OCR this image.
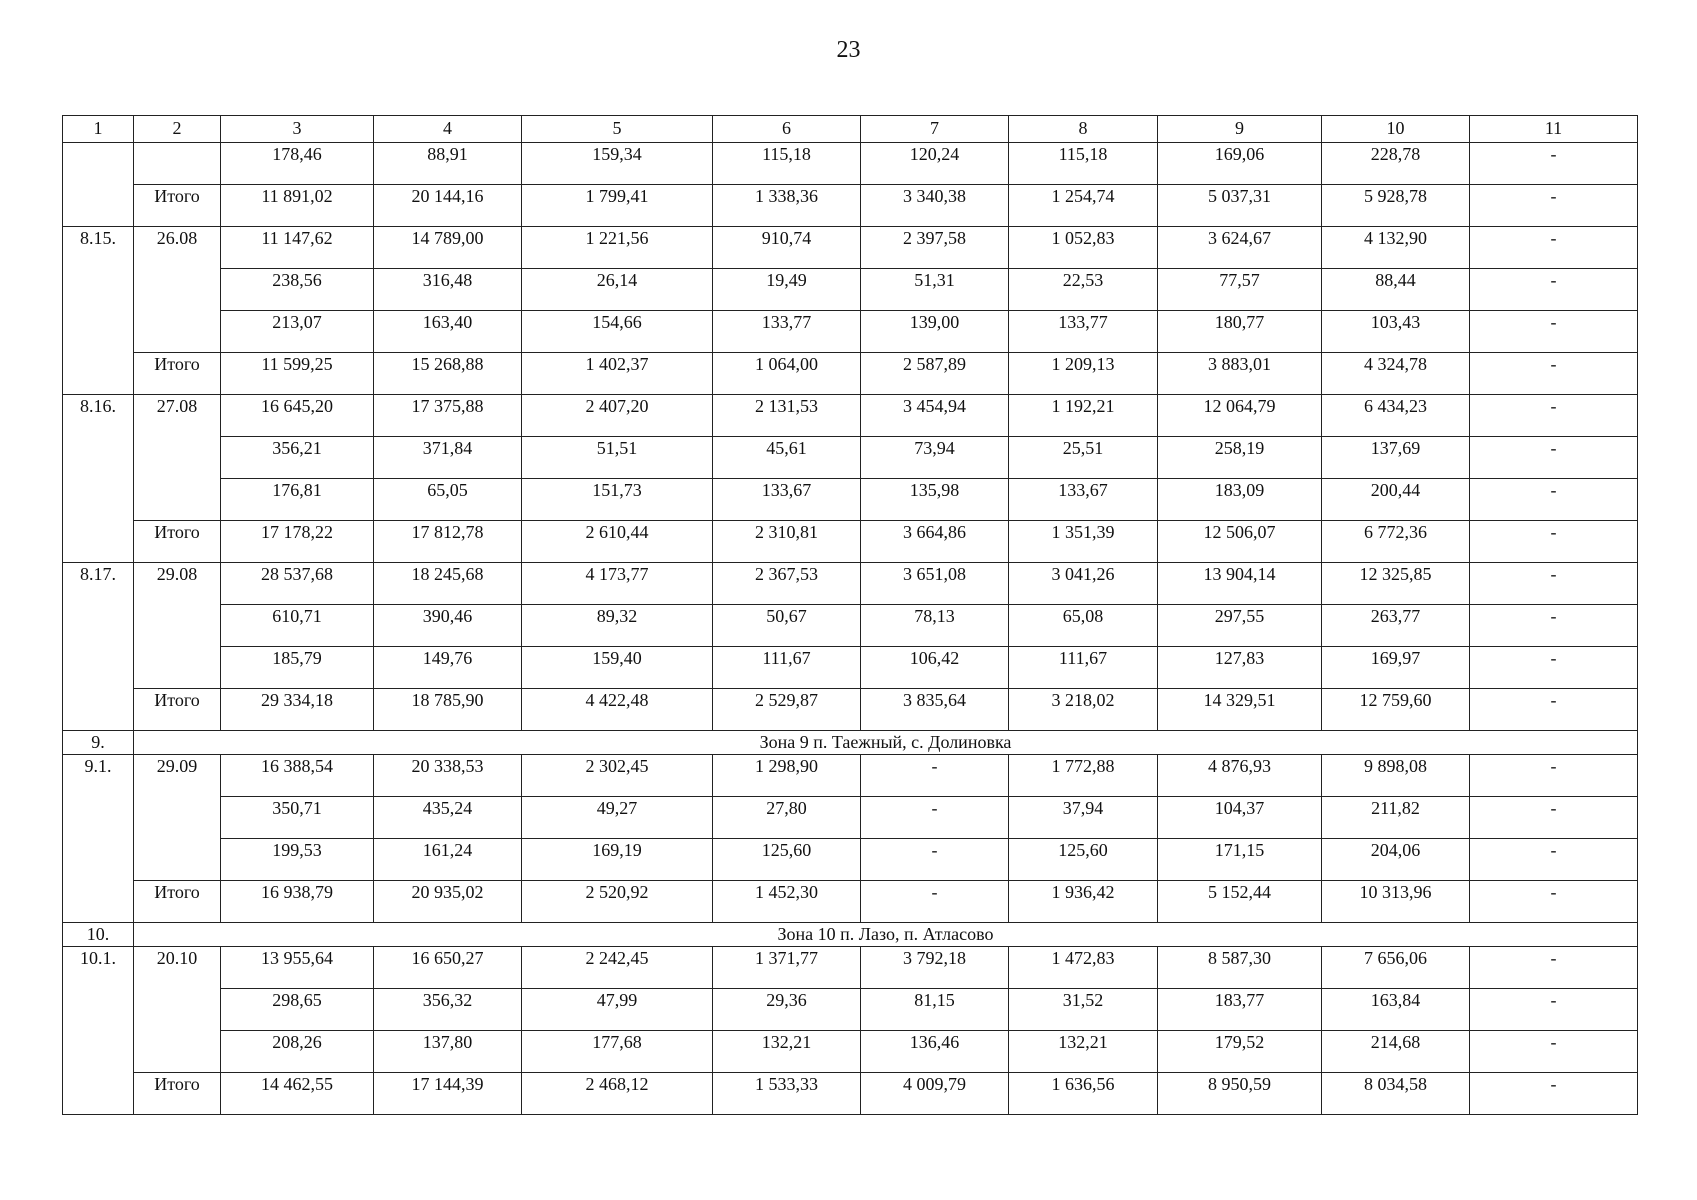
23
1	2	3	4	5	6	7	8	9	10	11
		178,46	88,91	159,34	115,18	120,24	115,18	169,06	228,78	-
	Итого	11 891,02	20 144,16	1 799,41	1 338,36	3 340,38	1 254,74	5 037,31	5 928,78	-
8.15.	26.08	11 147,62	14 789,00	1 221,56	910,74	2 397,58	1 052,83	3 624,67	4 132,90	-
		238,56	316,48	26,14	19,49	51,31	22,53	77,57	88,44	-
		213,07	163,40	154,66	133,77	139,00	133,77	180,77	103,43	-
	Итого	11 599,25	15 268,88	1 402,37	1 064,00	2 587,89	1 209,13	3 883,01	4 324,78	-
8.16.	27.08	16 645,20	17 375,88	2 407,20	2 131,53	3 454,94	1 192,21	12 064,79	6 434,23	-
		356,21	371,84	51,51	45,61	73,94	25,51	258,19	137,69	-
		176,81	65,05	151,73	133,67	135,98	133,67	183,09	200,44	-
	Итого	17 178,22	17 812,78	2 610,44	2 310,81	3 664,86	1 351,39	12 506,07	6 772,36	-
8.17.	29.08	28 537,68	18 245,68	4 173,77	2 367,53	3 651,08	3 041,26	13 904,14	12 325,85	-
		610,71	390,46	89,32	50,67	78,13	65,08	297,55	263,77	-
		185,79	149,76	159,40	111,67	106,42	111,67	127,83	169,97	-
	Итого	29 334,18	18 785,90	4 422,48	2 529,87	3 835,64	3 218,02	14 329,51	12 759,60	-
9.	Зона 9 п. Таежный, с. Долиновка									
9.1.	29.09	16 388,54	20 338,53	2 302,45	1 298,90	-	1 772,88	4 876,93	9 898,08	-
		350,71	435,24	49,27	27,80	-	37,94	104,37	211,82	-
		199,53	161,24	169,19	125,60	-	125,60	171,15	204,06	-
	Итого	16 938,79	20 935,02	2 520,92	1 452,30	-	1 936,42	5 152,44	10 313,96	-
10.	Зона 10 п. Лазо, п. Атласово									
10.1.	20.10	13 955,64	16 650,27	2 242,45	1 371,77	3 792,18	1 472,83	8 587,30	7 656,06	-
		298,65	356,32	47,99	29,36	81,15	31,52	183,77	163,84	-
		208,26	137,80	177,68	132,21	136,46	132,21	179,52	214,68	-
	Итого	14 462,55	17 144,39	2 468,12	1 533,33	4 009,79	1 636,56	8 950,59	8 034,58	-
